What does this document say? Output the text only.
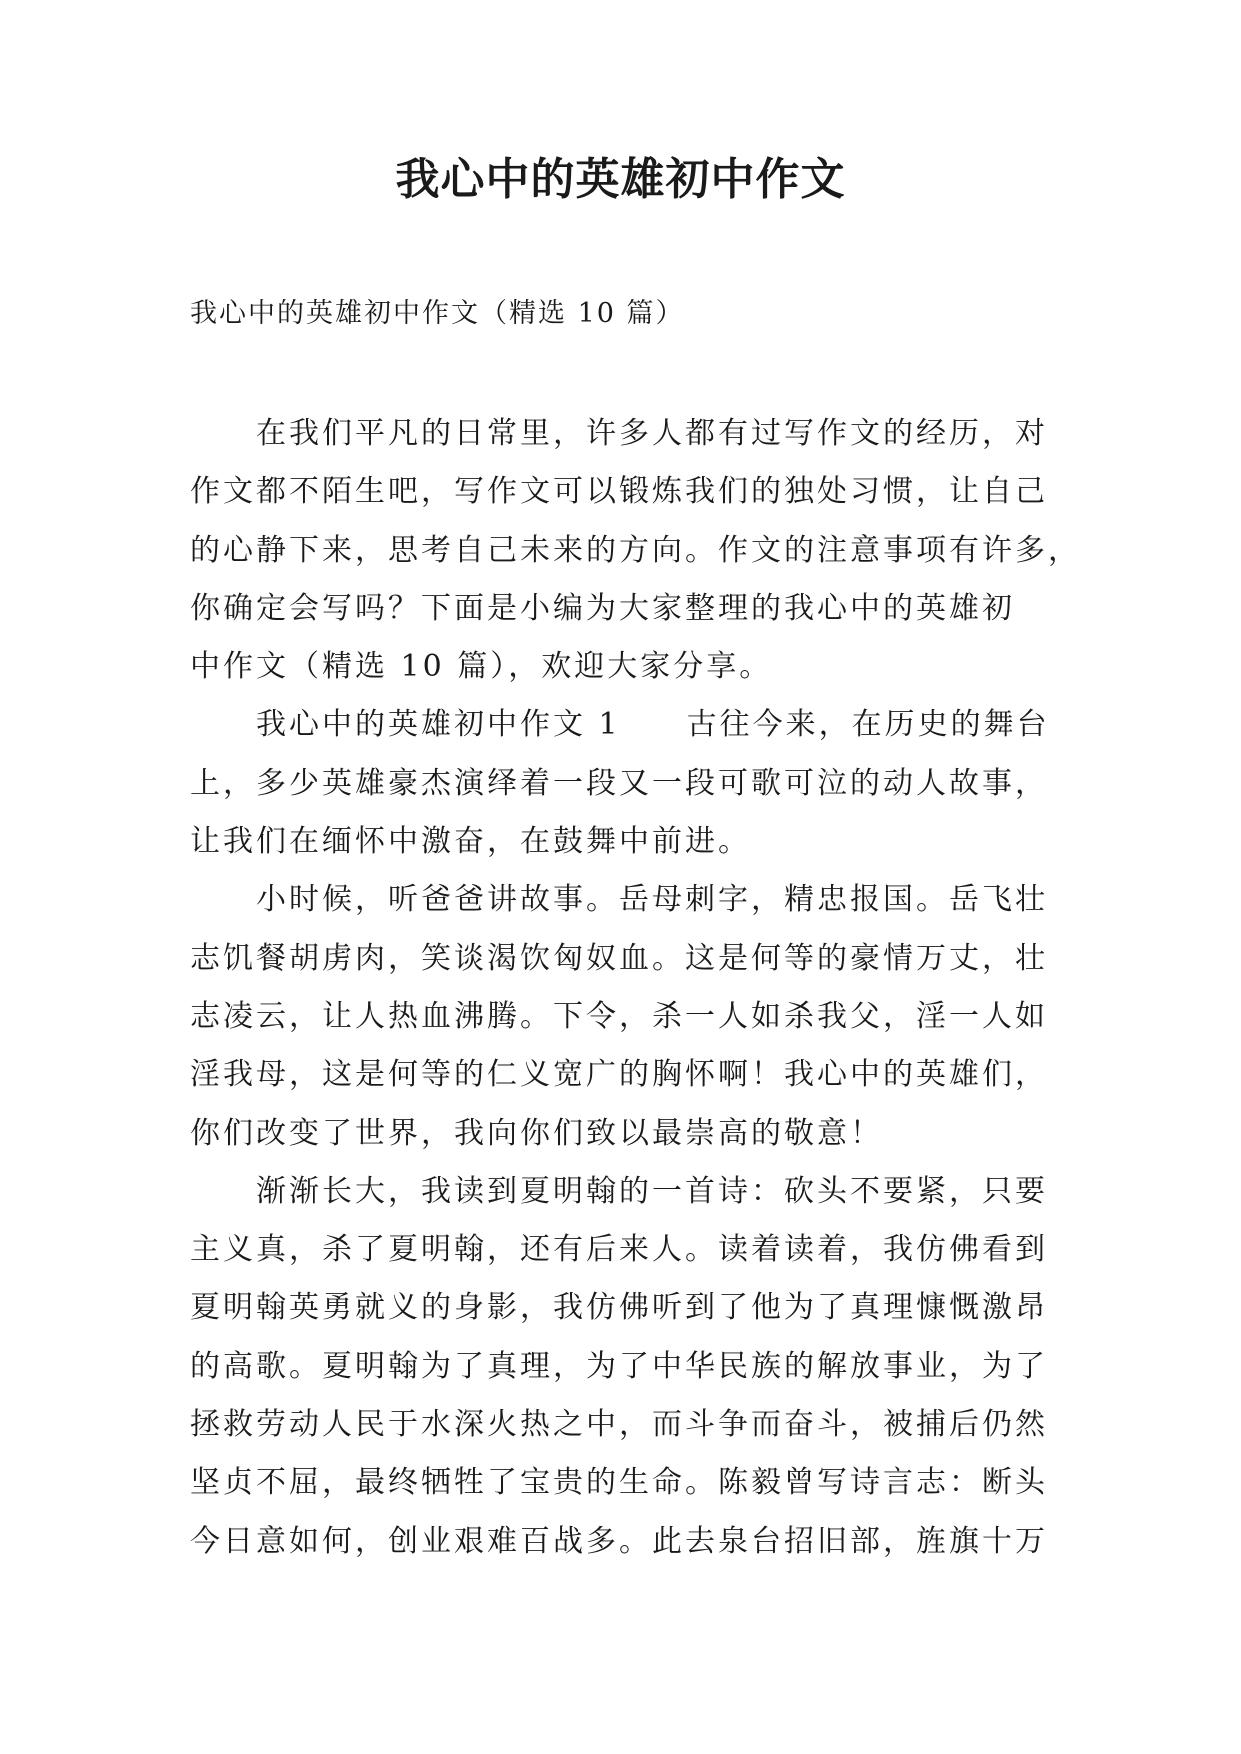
我心中的英雄初中作文
我心中的英雄初中作文（精选 10 篇）

在我们平凡的日常里，许多人都有过写作文的经历，对

作文都不陌生吧，写作文可以锻炼我们的独处习惯，让自己

的心静下来，思考自己未来的方向。作文的注意事项有许多，

你确定会写吗？下面是小编为大家整理的我心中的英雄初

中作文（精选 10 篇），欢迎大家分享。

我心中的英雄初中作文 1　　古往今来，在历史的舞台

上，多少英雄豪杰演绎着一段又一段可歌可泣的动人故事，

让我们在缅怀中激奋，在鼓舞中前进。

小时候，听爸爸讲故事。岳母刺字，精忠报国。岳飞壮

志饥餐胡虏肉，笑谈渴饮匈奴血。这是何等的豪情万丈，壮

志凌云，让人热血沸腾。下令，杀一人如杀我父，淫一人如

淫我母，这是何等的仁义宽广的胸怀啊！我心中的英雄们，

你们改变了世界，我向你们致以最崇高的敬意！

渐渐长大，我读到夏明翰的一首诗：砍头不要紧，只要

主义真，杀了夏明翰，还有后来人。读着读着，我仿佛看到

夏明翰英勇就义的身影，我仿佛听到了他为了真理慷慨激昂

的高歌。夏明翰为了真理，为了中华民族的解放事业，为了

拯救劳动人民于水深火热之中，而斗争而奋斗，被捕后仍然

坚贞不屈，最终牺牲了宝贵的生命。陈毅曾写诗言志：断头

今日意如何，创业艰难百战多。此去泉台招旧部，旌旗十万
